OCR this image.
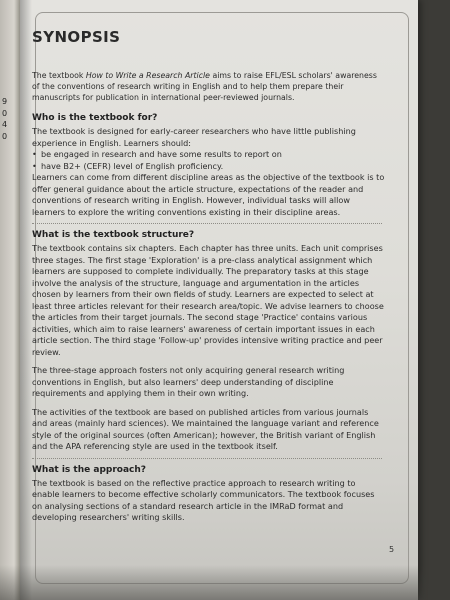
9
0
4
0
SYNOPSIS

The textbook How to Write a Research Article aims to raise EFL/ESL scholars' awareness of the conventions of research writing in English and to help them prepare their manuscripts for publication in international peer-reviewed journals.

Who is the textbook for?

The textbook is designed for early-career researchers who have little publishing experience in English. Learners should:

• be engaged in research and have some results to report on
• have B2+ (CEFR) level of English proficiency.

Learners can come from different discipline areas as the objective of the textbook is to offer general guidance about the article structure, expectations of the reader and conventions of research writing in English. However, individual tasks will allow learners to explore the writing conventions existing in their discipline areas.

What is the textbook structure?

The textbook contains six chapters. Each chapter has three units. Each unit comprises three stages. The first stage 'Exploration' is a pre-class analytical assignment which learners are supposed to complete individually. The preparatory tasks at this stage involve the analysis of the structure, language and argumentation in the articles chosen by learners from their own fields of study. Learners are expected to select at least three articles relevant for their research area/topic. We advise learners to choose the articles from their target journals. The second stage 'Practice' contains various activities, which aim to raise learners' awareness of certain important issues in each article section. The third stage 'Follow-up' provides intensive writing practice and peer review.

The three-stage approach fosters not only acquiring general research writing conventions in English, but also learners' deep understanding of discipline requirements and applying them in their own writing.

The activities of the textbook are based on published articles from various journals and areas (mainly hard sciences). We maintained the language variant and reference style of the original sources (often American); however, the British variant of English and the APA referencing style are used in the textbook itself.

What is the approach?

The textbook is based on the reflective practice approach to research writing to enable learners to become effective scholarly communicators. The textbook focuses on analysing sections of a standard research article in the IMRaD format and developing researchers' writing skills.

5
